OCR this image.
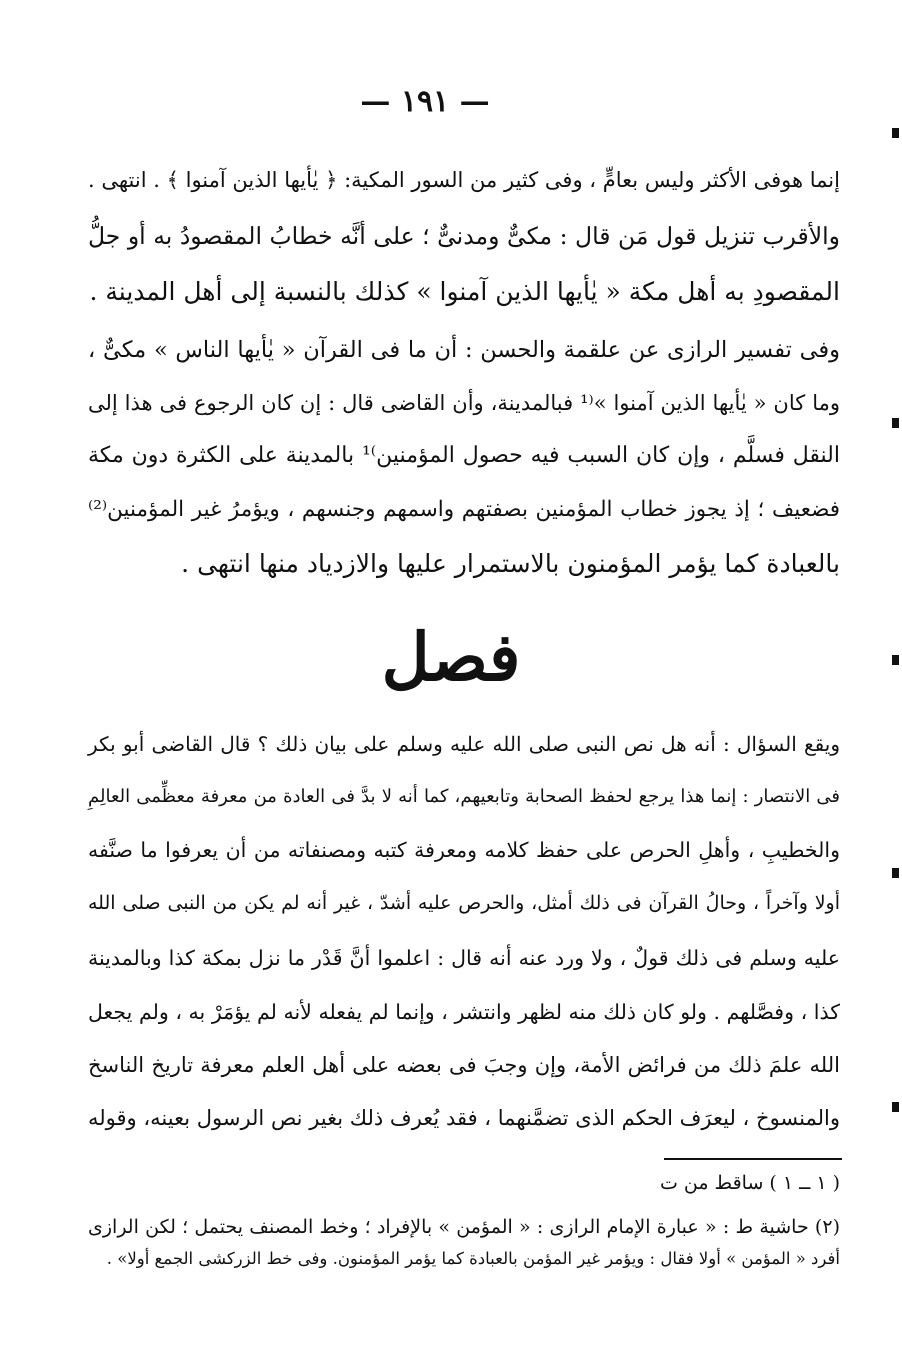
— ١٩١ —
إنما هوفى الأكثر وليس بعامٍّ ، وفى كثير من السور المكية: ﴿ يٰأيها الذين آمنوا ﴾ . انتهى .
والأقرب تنزيل قول مَن قال : مكىٌّ ومدنىٌّ ؛ على أنَّه خطابُ المقصودُ به أو جلُّ
المقصودِ به أهل مكة « يٰأيها الذين آمنوا » كذلك بالنسبة إلى أهل المدينة .
وفى تفسير الرازى عن علقمة والحسن : أن ما فى القرآن « يٰأيها الناس » مكىٌّ ،
وما كان « يٰأيها الذين آمنوا »⁽¹ فبالمدينة، وأن القاضى قال : إن كان الرجوع فى هذا إلى
النقل فسلَّم ، وإن كان السبب فيه حصول المؤمنين⁾¹ بالمدينة على الكثرة دون مكة
فضعيف ؛ إذ يجوز خطاب المؤمنين بصفتهم واسمهم وجنسهم ، ويؤمرُ غير المؤمنين⁽²⁾
بالعبادة كما يؤمر المؤمنون بالاستمرار عليها والازدياد منها انتهى .
فصل
ويقع السؤال : أنه هل نص النبى صلى الله عليه وسلم على بيان ذلك ؟ قال القاضى أبو بكر
فى الانتصار : إنما هذا يرجع لحفظ الصحابة وتابعيهم، كما أنه لا بدَّ فى العادة من معرفة معظِّمى العالِمِ
والخطيبِ ، وأهلِ الحرص على حفظ كلامه ومعرفة كتبه ومصنفاته من أن يعرفوا ما صنَّفه
أولا وآخراً ، وحالُ القرآن فى ذلك أمثل، والحرص عليه أشدّ ، غير أنه لم يكن من النبى صلى الله
عليه وسلم فى ذلك قولٌ ، ولا ورد عنه أنه قال : اعلموا أنَّ قَدْر ما نزل بمكة كذا وبالمدينة
كذا ، وفصَّلهم . ولو كان ذلك منه لظهر وانتشر ، وإنما لم يفعله لأنه لم يؤمَرْ به ، ولم يجعل
الله علمَ ذلك من فرائض الأمة، وإن وجبَ فى بعضه على أهل العلم معرفة تاريخ الناسخ
والمنسوخ ، ليعرَف الحكم الذى تضمَّنهما ، فقد يُعرف ذلك بغير نص الرسول بعينه، وقوله
( ١ ــ ١ ) ساقط من ت
(٢) حاشية ط : « عبارة الإمام الرازى : « المؤمن » بالإفراد ؛ وخط المصنف يحتمل ؛ لكن الرازى
أفرد « المؤمن » أولا فقال : ويؤمر غير المؤمن بالعبادة كما يؤمر المؤمنون. وفى خط الزركشى الجمع أولا» .
